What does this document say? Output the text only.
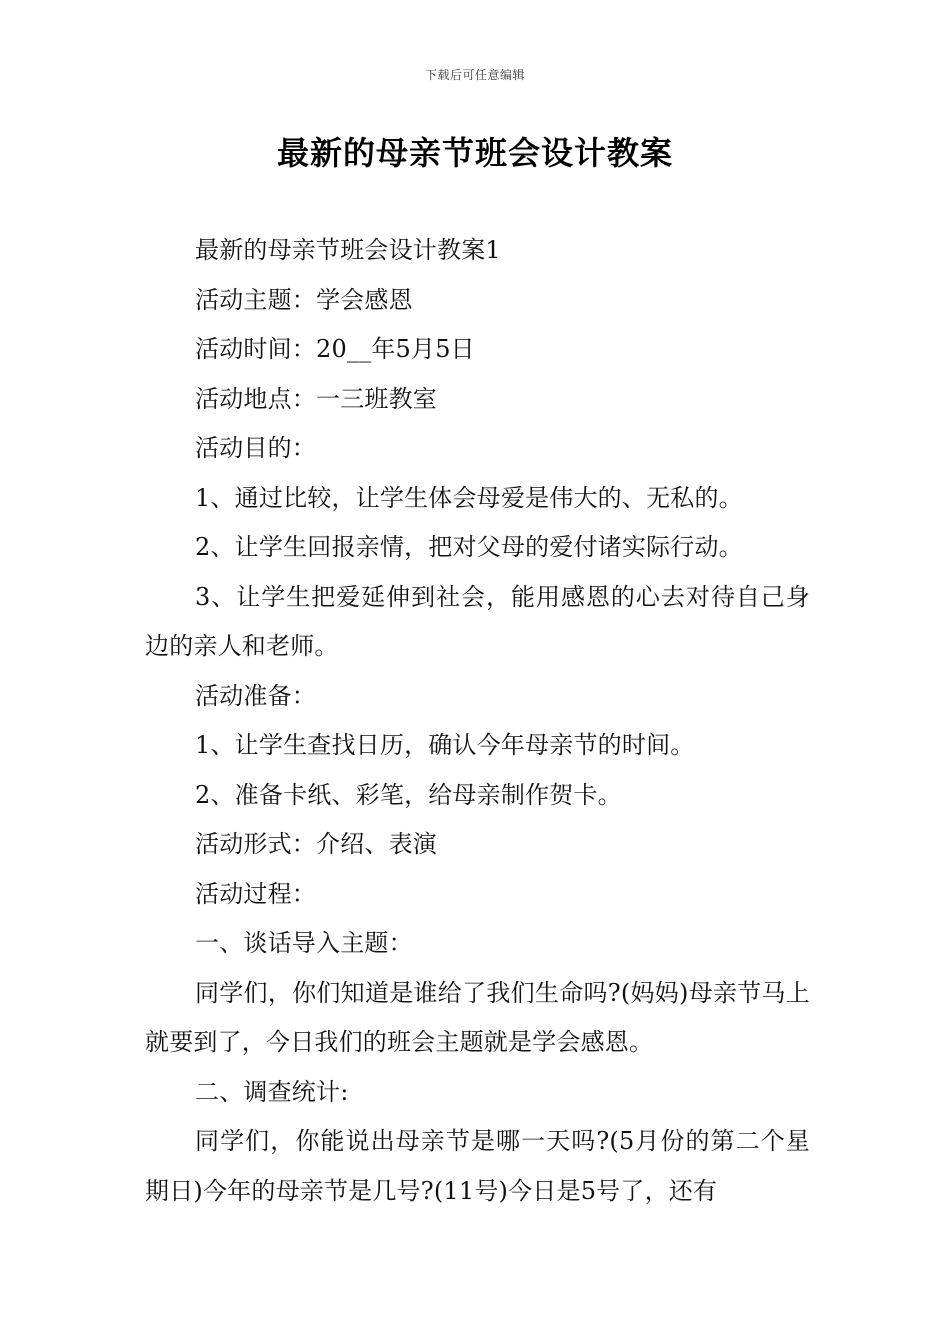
下载后可任意编辑
最新的母亲节班会设计教案

最新的母亲节班会设计教案1

活动主题：学会感恩

活动时间：20__年5月5日

活动地点：一三班教室

活动目的：

1、通过比较，让学生体会母爱是伟大的、无私的。

2、让学生回报亲情，把对父母的爱付诸实际行动。

3、让学生把爱延伸到社会，能用感恩的心去对待自己身边的亲人和老师。

活动准备：

1、让学生查找日历，确认今年母亲节的时间。

2、准备卡纸、彩笔，给母亲制作贺卡。

活动形式：介绍、表演

活动过程：

一、谈话导入主题：

同学们，你们知道是谁给了我们生命吗?(妈妈)母亲节马上就要到了，今日我们的班会主题就是学会感恩。

二、调查统计:

同学们，你能说出母亲节是哪一天吗?(5月份的第二个星期日)今年的母亲节是几号?(11号)今日是5号了，还有
